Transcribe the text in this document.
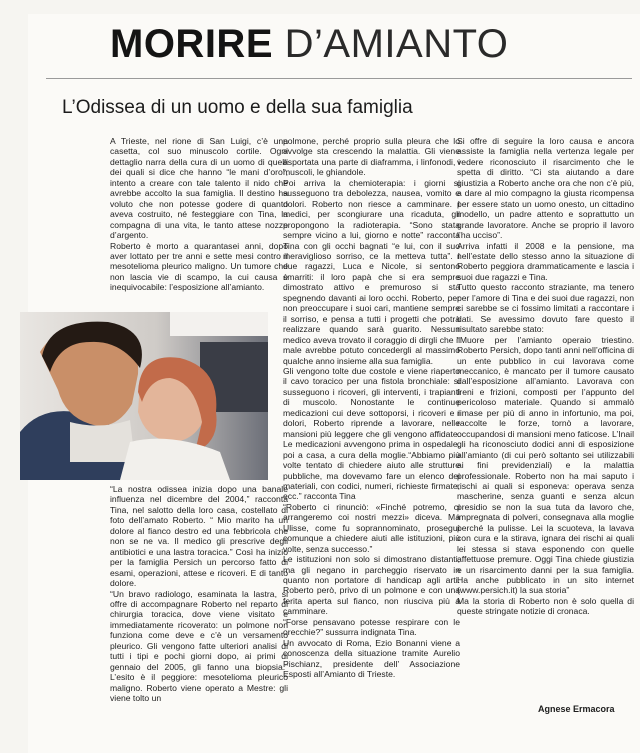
MORIRE D’AMIANTO
L’Odissea di un uomo e della sua famiglia

A Trieste, nel rione di San Luigi, c’è una casetta, col suo minuscolo cortile. Ogni dettaglio narra della cura di un uomo di quelli dei quali si dice che hanno “le mani d’oro”, intento a creare con tale talento il nido che avrebbe accolto la sua famiglia. Il destino ha voluto che non potesse godere di quanto aveva costruito, né festeggiare con Tina, la compagna di una vita, le tanto attese nozze d’argento.

Roberto è morto a quarantasei anni, dopo aver lottato per tre anni e sette mesi contro il mesotelioma pleurico maligno. Un tumore che non lascia vie di scampo, la cui causa è inequivocabile: l’esposizione all’amianto.

“La nostra odissea inizia dopo una banale influenza nel dicembre del 2004,” racconta Tina, nel salotto della loro casa, costellato di foto dell’amato Roberto. “ Mio marito ha un dolore al fianco destro ed una febbricola che non se ne va. Il medico gli prescrive degli antibiotici e una lastra toracica.” Così ha inizio per la famiglia Persich un percorso fatto di esami, operazioni, attese e ricoveri. E di tanto dolore.

“Un bravo radiologo, esaminata la lastra, si offre di accompagnare Roberto nel reparto di chirurgia toracica, dove viene visitato e immediatamente ricoverato: un polmone non funziona come deve e c’è un versamento pleurico. Gli vengono fatte ulteriori analisi di tutti i tipi e pochi giorni dopo, ai primi di gennaio del 2005, gli fanno una biopsia.” L’esito è il peggiore: mesotelioma pleurico maligno. Roberto viene operato a Mestre: gli viene tolto un

polmone, perché proprio sulla pleura che lo avvolge sta crescendo la malattia. Gli viene asportata una parte di diaframma, i linfonodi, i muscoli, le ghiandole.

Poi arriva la chemioterapia: i giorni si susseguono tra debolezza, nausea, vomito e dolori. Roberto non riesce a camminare. I medici, per scongiurare una ricaduta, gli propongono la radioterapia. “Sono stata sempre vicino a lui, giorno e notte” racconta Tina con gli occhi bagnati “e lui, con il suo meraviglioso sorriso, ce la metteva tutta”. I due ragazzi, Luca e Nicole, si sentono smarriti: il loro papà che si era sempre dimostrato attivo e premuroso si sta spegnendo davanti ai loro occhi. Roberto, per non preoccupare i suoi cari, mantiene sempre il sorriso, e pensa a tutti i progetti che potrà realizzare quando sarà guarito. Nessun medico aveva trovato il coraggio di dirgli che il male avrebbe potuto concedergli al massimo qualche anno insieme alla sua famiglia.

Gli vengono tolte due costole e viene riaperto il cavo toracico per una fistola bronchiale: si susseguono i ricoveri, gli interventi, i trapianti di muscolo. Nonostante le continue medicazioni cui deve sottoporsi, i ricoveri e i dolori, Roberto riprende a lavorare, nelle mansioni più leggere che gli vengono affidate. Le medicazioni avvengono prima in ospedale, poi a casa, a cura della moglie.“Abbiamo più volte tentato di chiedere aiuto alle strutture pubbliche, ma dovevamo fare un elenco dei materiali, con codici, numeri, richieste firmate, ecc.” racconta Tina

“Roberto ci rinunciò: «Finché potremo, ci arrangeremo coi nostri mezzi» diceva. Ma Ulisse, come fu soprannominato, proseguì comunque a chiedere aiuti alle istituzioni, più volte, senza successo.”

Le istituzioni non solo si dimostrano distanti, ma gli negano in parcheggio riservato in quanto non portatore di handicap agli arti. Roberto però, privo di un polmone e con una ferita aperta sul fianco, non riusciva più a camminare.

“Forse pensavano potesse respirare con le orecchie?” sussurra indignata Tina.

Un avvocato di Roma, Ezio Bonanni viene a conoscenza della situazione tramite Aurelio Pischianz, presidente dell’ Associazione Esposti all’Amianto di Trieste.

Si offre di seguire la loro causa e ancora assiste la famiglia nella vertenza legale per vedere riconosciuto il risarcimento che le spetta di diritto. “Ci sta aiutando a dare giustizia a Roberto anche ora che non c’è più, a dare al mio compagno la giusta ricompensa per essere stato un uomo onesto, un cittadino modello, un padre attento e soprattutto un grande lavoratore. Anche se proprio il lavoro l’ha ucciso”.

Arriva infatti il 2008 e la pensione, ma nell’estate dello stesso anno la situazione di Roberto peggiora drammaticamente e lascia i suoi due ragazzi e Tina.

Tutto questo racconto straziante, ma tenero per l’amore di Tina e dei suoi due ragazzi, non ci sarebbe se ci fossimo limitati a raccontare i dati. Se avessimo dovuto fare questo il risultato sarebbe stato:

“Muore per l’amianto operaio triestino. Roberto Persich, dopo tanti anni nell’officina di un ente pubblico in cui lavorava come meccanico, è mancato per il tumore causato dall’esposizione all’amianto. Lavorava con freni e frizioni, composti per l’appunto del pericoloso materiale. Quando si ammalò rimase per più di anno in infortunio, ma poi, raccolte le forze, tornò a lavorare, occupandosi di mansioni meno faticose. L’Inail gli ha riconosciuto dodici anni di esposizione all’amianto (di cui però soltanto sei utilizzabili ai fini previdenziali) e la malattia professionale. Roberto non ha mai saputo i rischi ai quali si esponeva: operava senza mascherine, senza guanti e senza alcun presidio se non la sua tuta da lavoro che, impregnata di polveri, consegnava alla moglie perché la pulisse. Lei la scuoteva, la lavava con cura e la stirava, ignara dei rischi ai quali lei stessa si stava esponendo con quelle affettuose premure. Oggi Tina chiede giustizia e un risarcimento danni per la sua famiglia. Ha anche pubblicato in un sito internet (www.persich.it) la sua storia”

Ma la storia di Roberto non è solo quella di queste stringate notizie di cronaca.

Agnese Ermacora
